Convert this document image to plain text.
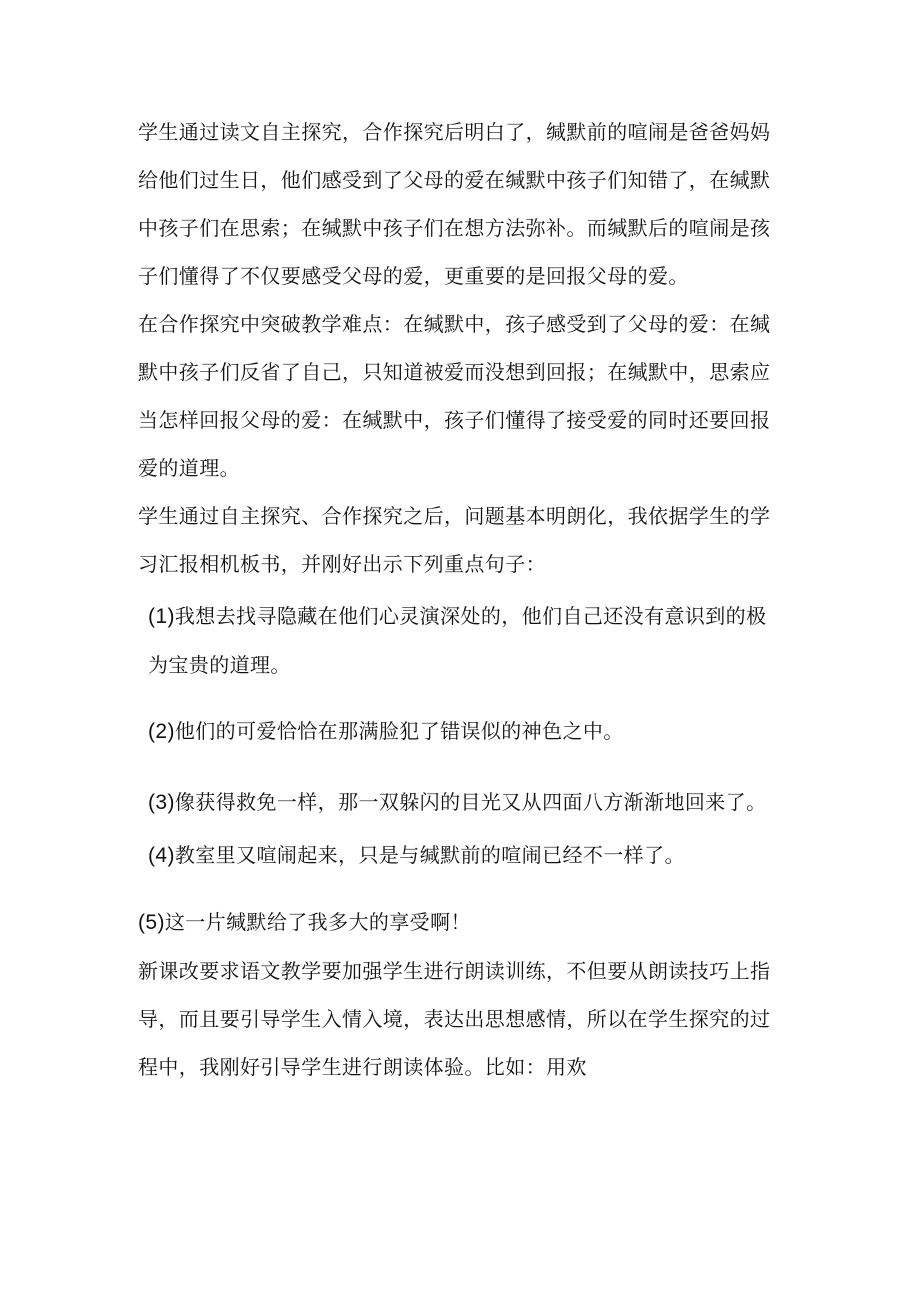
学生通过读文自主探究，合作探究后明白了，缄默前的喧闹是爸爸妈妈给他们过生日，他们感受到了父母的爱在缄默中孩子们知错了，在缄默中孩子们在思索；在缄默中孩子们在想方法弥补。而缄默后的喧闹是孩子们懂得了不仅要感受父母的爱，更重要的是回报父母的爱。

在合作探究中突破教学难点：在缄默中，孩子感受到了父母的爱：在缄默中孩子们反省了自己，只知道被爱而没想到回报；在缄默中，思索应当怎样回报父母的爱：在缄默中，孩子们懂得了接受爱的同时还要回报爱的道理。

学生通过自主探究、合作探究之后，问题基本明朗化，我依据学生的学习汇报相机板书，并刚好出示下列重点句子：

(1)我想去找寻隐藏在他们心灵演深处的，他们自己还没有意识到的极为宝贵的道理。

(2)他们的可爱恰恰在那满脸犯了错误似的神色之中。

(3)像获得救免一样，那一双躲闪的目光又从四面八方渐渐地回来了。

(4)教室里又喧闹起来，只是与缄默前的喧闹已经不一样了。

(5)这一片缄默给了我多大的享受啊！

新课改要求语文教学要加强学生进行朗读训练，不但要从朗读技巧上指导，而且要引导学生入情入境，表达出思想感情，所以在学生探究的过程中，我刚好引导学生进行朗读体验。比如：用欢
